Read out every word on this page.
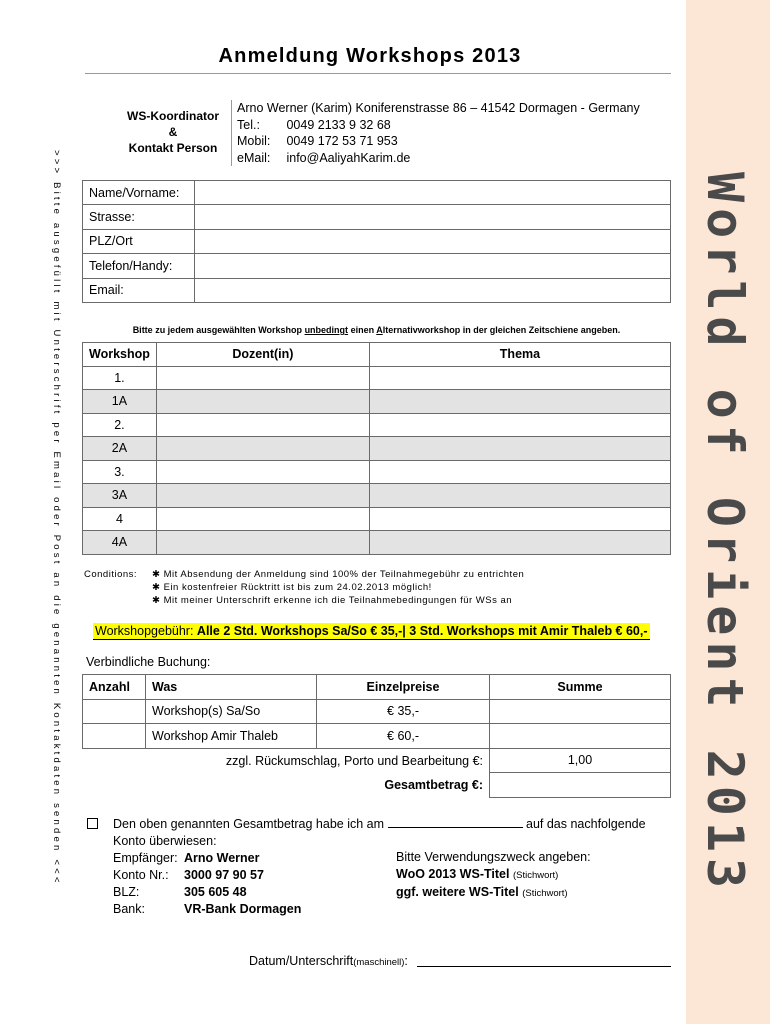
World of Orient 2013
>>> Bitte ausgefüllt mit Unterschrift per Email oder Post an die genannten Kontaktdaten senden <<<
Anmeldung Workshops 2013
WS-Koordinator
&
Kontakt Person
Arno Werner (Karim) Koniferenstrasse 86 – 41542 Dormagen - Germany
Tel.: 0049 2133 9 32 68
Mobil: 0049 172 53 71 953
eMail: info@AaliyahKarim.de
Name/Vorname:	
Strasse:	
PLZ/Ort	
Telefon/Handy:	
Email:	
Bitte zu jedem ausgewählten Workshop unbedingt einen Alternativworkshop in der gleichen Zeitschiene angeben.
Workshop	Dozent(in)	Thema
1.		
1A		
2.		
2A		
3.		
3A		
4		
4A		
Conditions: ✱ Mit Absendung der Anmeldung sind 100% der Teilnahmegebühr zu entrichten
✱ Ein kostenfreier Rücktritt ist bis zum 24.02.2013 möglich!
✱ Mit meiner Unterschrift erkenne ich die Teilnahmebedingungen für WSs an
Workshopgebühr: Alle 2 Std. Workshops Sa/So € 35,-| 3 Std. Workshops mit Amir Thaleb € 60,-
Verbindliche Buchung:
Anzahl	Was	Einzelpreise	Summe
	Workshop(s) Sa/So	€ 35,-	
	Workshop Amir Thaleb	€ 60,-	
zzgl. Rückumschlag, Porto und Bearbeitung €:			1,00
Gesamtbetrag €:			
Den oben genannten Gesamtbetrag habe ich am	auf das nachfolgende
Konto überwiesen:
Empfänger: Arno Werner
Konto Nr.: 3000 97 90 57
BLZ:	305 605 48
Bank:	VR-Bank Dormagen
Bitte Verwendungszweck angeben:
WoO 2013 WS-Titel (Stichwort)
ggf. weitere WS-Titel (Stichwort)
Datum/Unterschrift(maschinell):
